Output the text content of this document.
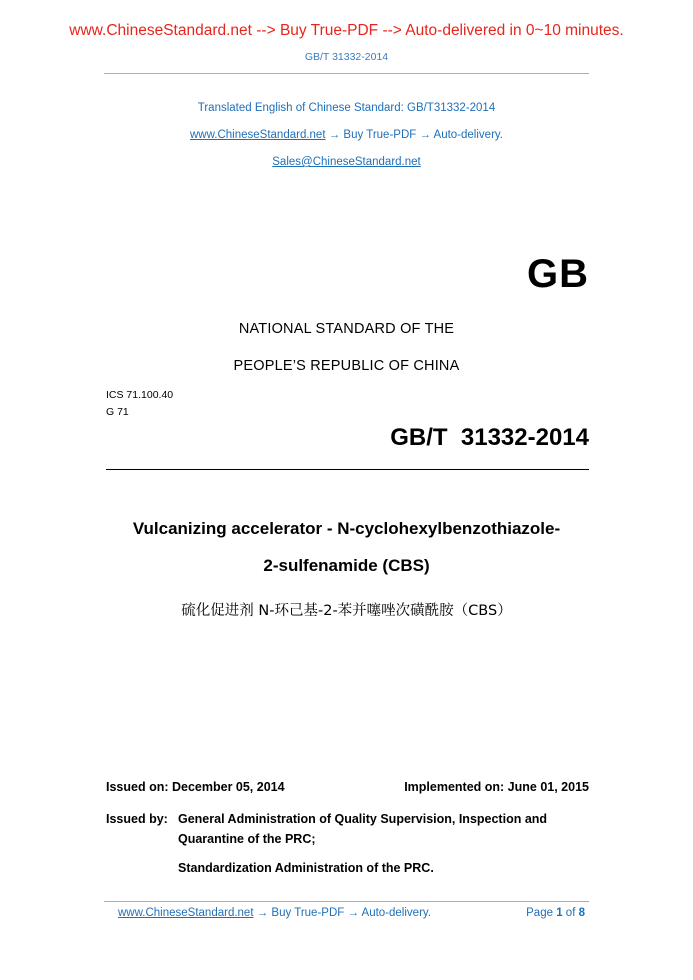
www.ChineseStandard.net --> Buy True-PDF --> Auto-delivered in 0~10 minutes.
GB/T 31332-2014
Translated English of Chinese Standard: GB/T31332-2014
www.ChineseStandard.net → Buy True-PDF → Auto-delivery.
Sales@ChineseStandard.net
GB
NATIONAL STANDARD OF THE
PEOPLE’S REPUBLIC OF CHINA
ICS 71.100.40
G 71
GB/T  31332-2014
Vulcanizing accelerator - N-cyclohexylbenzothiazole-
2-sulfenamide (CBS)
硫化促进剂 N-环己基-2-苯并噻唑次磺酰胺（CBS）
Issued on: December 05, 2014	Implemented on: June 01, 2015
Issued by: General Administration of Quality Supervision, Inspection and
Quarantine of the PRC;
Standardization Administration of the PRC.
www.ChineseStandard.net → Buy True-PDF → Auto-delivery.	Page 1 of 8
